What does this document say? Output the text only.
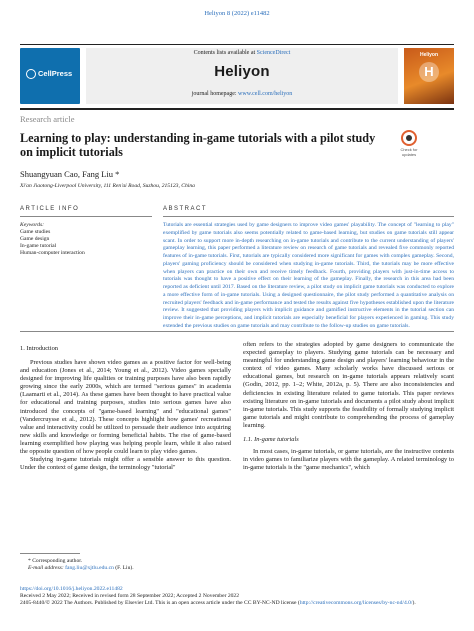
Heliyon 8 (2022) e11482
CellPress
Contents lists available at ScienceDirect
Heliyon
journal homepage: www.cell.com/heliyon
Heliyon
H
Research article
Learning to play: understanding in-game tutorials with a pilot study on implicit tutorials	Check for updates
Shuangyuan Cao, Fang Liu *
Xi'an Jiaotong-Liverpool University, 111 Ren'ai Road, Suzhou, 215123, China
ARTICLE INFO	ABSTRACT
Keywords:
Game studies
Game design
In-game tutorial
Human-computer interaction
Tutorials are essential strategies used by game designers to improve video games' playability. The concept of "learning to play" exemplified by game tutorials also seems potentially related to game-based learning, but studies on game tutorials still appear scant. In order to support more in-depth researching on in-game tutorials and contribute to the current understanding of players' gameplay learning, this paper performed a literature review on research of game tutorials and revealed five commonly reported features of in-game tutorials. First, tutorials are typically considered more significant for games with complex gameplay. Second, players' gaming proficiency should be considered when studying in-game tutorials. Third, the tutorials may be more effective when players can practice on their own and receive timely feedback. Fourth, providing players with just-in-time access to tutorials was thought to have a positive effect on their learning of the gameplay. Finally, the research in this area had been reported as deficient until 2017. Based on the literature review, a pilot study on implicit game tutorials was conducted to explore a more effective form of in-game tutorials. Using a designed questionnaire, the pilot study performed a quantitative analysis on recruited players' feedback and in-game performance and tested the results against five hypotheses established upon the literature review. It suggested that providing players with implicit guidance and gamified instructive elements in the tutorial section can improve their in-game perceptions, and implicit tutorials are especially beneficial for players experienced in gaming. This study extended the previous studies on game tutorials and may contribute to the follow-up studies on game tutorials.
1. Introduction

Previous studies have shown video games as a positive factor for well-being and education (Jones et al., 2014; Young et al., 2012). Video games specially designed for improving life qualities or training purposes have also been rapidly growing since the early 2000s, which are termed "serious games" in academia (Laamarti et al., 2014). As these games have been thought to have practical value for educational and training purposes, studies into serious games have also introduced the concepts of "game-based learning" and "educational games" (Vandercruysse et al., 2012). These concepts highlight how games' recreational value and interactivity could be utilized to persuade their audience into acquiring new skills and knowledge or forming beneficial habits. The rise of game-based learning exemplified how playing was helping people learn, while it also raised the opposite question of how people could learn to play video games.

Studying in-game tutorials might offer a sensible answer to this question. Under the context of game design, the terminology "tutorial"

often refers to the strategies adopted by game designers to communicate the expected gameplay to players. Studying game tutorials can be necessary and meaningful for understanding game design and players' learning behaviour in the context of video games. Many scholarly works have discussed serious or educational games, but research on in-game tutorials appears relatively scant (Godin, 2012, pp. 1–2; White, 2012a, p. 5). There are also inconsistencies and deficiencies in existing literature related to game tutorials. This paper reviews existing literature on in-game tutorials and documents a pilot study about implicit in-game tutorials. This study supports the feasibility of formally studying implicit game tutorials and might contribute to comprehending the process of gameplay learning.

1.1. In-game tutorials

In most cases, in-game tutorials, or game tutorials, are the instructive contents in video games to familiarize players with the gameplay. A related terminology to in-game tutorials is the "game mechanics", which

* Corresponding author.
E-mail address: fang.liu@xjtlu.edu.cn (F. Liu).
https://doi.org/10.1016/j.heliyon.2022.e11482
Received 2 May 2022; Received in revised form 28 September 2022; Accepted 2 November 2022
2405-8440/© 2022 The Authors. Published by Elsevier Ltd. This is an open access article under the CC BY-NC-ND license (http://creativecommons.org/licenses/by-nc-nd/4.0/).
